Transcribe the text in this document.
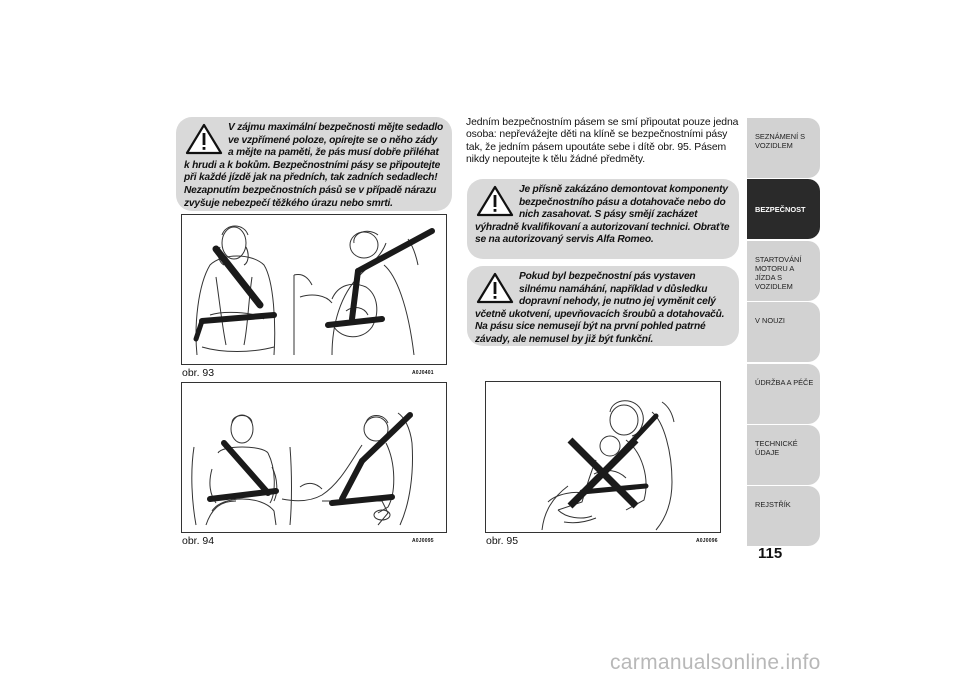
V zájmu maximální bezpečnosti mějte sedadlo ve vzpřímené poloze, opírejte se o něho zády a mějte na paměti, že pás musí dobře přiléhat k hrudi a k bokům. Bezpečnostními pásy se připoutejte při každé jízdě jak na předních, tak zadních sedadlech! Nezapnutím bezpečnostních pásů se v případě nárazu zvyšuje nebezpečí těžkého úrazu nebo smrti.
obr. 93	A0J0401
obr. 94	A0J0095

Jedním bezpečnostním pásem se smí připoutat pouze jedna osoba: nepřevážejte děti na klíně se bezpečnostními pásy tak, že jedním pásem upoutáte sebe i dítě obr. 95. Pásem nikdy nepoutejte k tělu žádné předměty.

Je přísně zakázáno demontovat komponenty bezpečnostního pásu a dotahovače nebo do nich zasahovat. S pásy smějí zacházet výhradně kvalifikovaní a autorizovaní technici. Obraťte se na autorizovaný servis Alfa Romeo.
Pokud byl bezpečnostní pás vystaven silnému namáhání, například v důsledku dopravní nehody, je nutno jej vyměnit celý včetně ukotvení, upevňovacích šroubů a dotahovačů. Na pásu sice nemusejí být na první pohled patrné závady, ale nemusel by již být funkční.
obr. 95	A0J0096
SEZNÁMENÍ S VOZIDLEM
BEZPEČNOST
STARTOVÁNÍ MOTORU A JÍZDA S VOZIDLEM
V NOUZI
ÚDRŽBA A PÉČE
TECHNICKÉ ÚDAJE
REJSTŘÍK
115
carmanualsonline.info
